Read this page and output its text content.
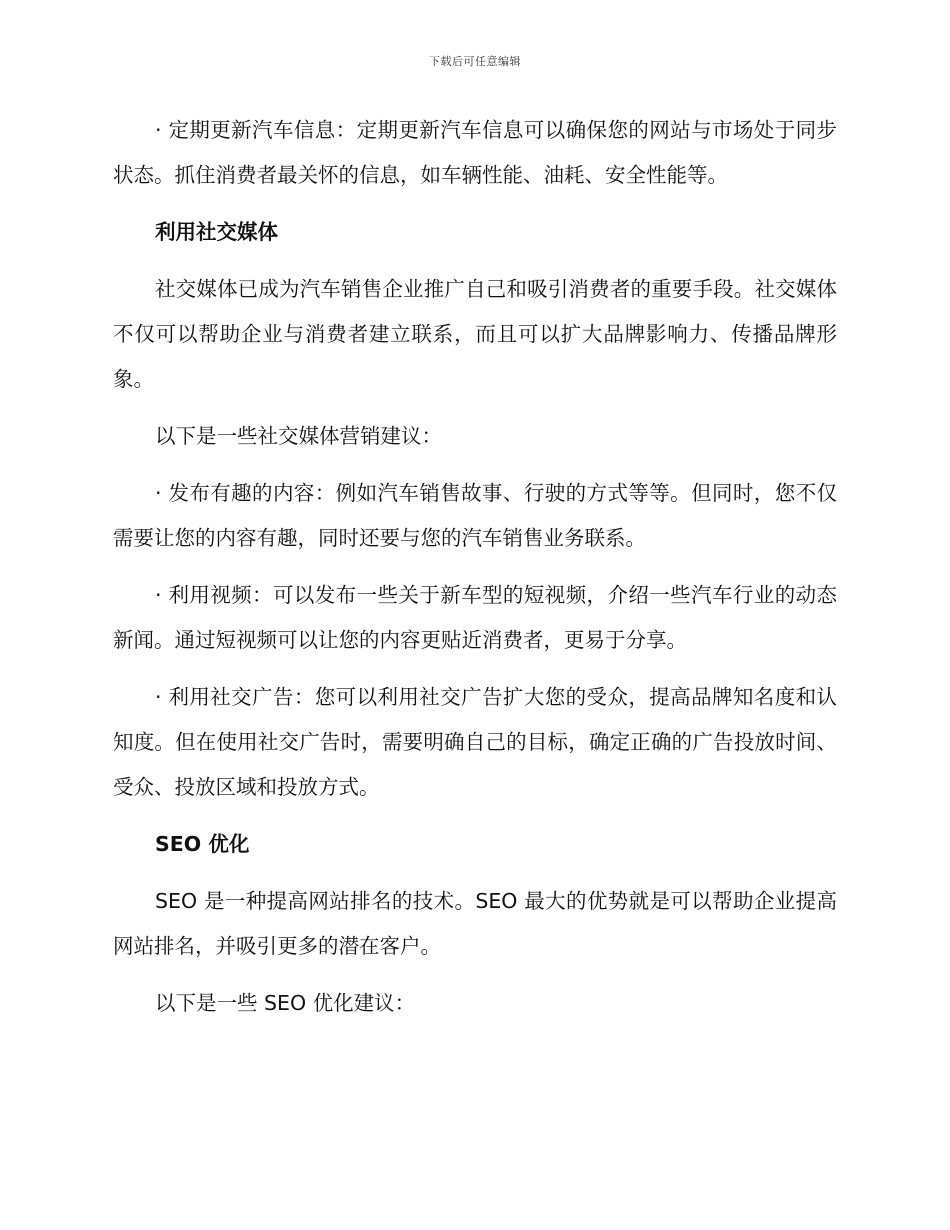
下载后可任意编辑

· 定期更新汽车信息：定期更新汽车信息可以确保您的网站与市场处于同步状态。抓住消费者最关怀的信息，如车辆性能、油耗、安全性能等。

利用社交媒体

社交媒体已成为汽车销售企业推广自己和吸引消费者的重要手段。社交媒体不仅可以帮助企业与消费者建立联系，而且可以扩大品牌影响力、传播品牌形象。

以下是一些社交媒体营销建议：

· 发布有趣的内容：例如汽车销售故事、行驶的方式等等。但同时，您不仅需要让您的内容有趣，同时还要与您的汽车销售业务联系。

· 利用视频：可以发布一些关于新车型的短视频，介绍一些汽车行业的动态新闻。通过短视频可以让您的内容更贴近消费者，更易于分享。

· 利用社交广告：您可以利用社交广告扩大您的受众，提高品牌知名度和认知度。但在使用社交广告时，需要明确自己的目标，确定正确的广告投放时间、受众、投放区域和投放方式。

SEO 优化

SEO 是一种提高网站排名的技术。SEO 最大的优势就是可以帮助企业提高网站排名，并吸引更多的潜在客户。

以下是一些 SEO 优化建议：
